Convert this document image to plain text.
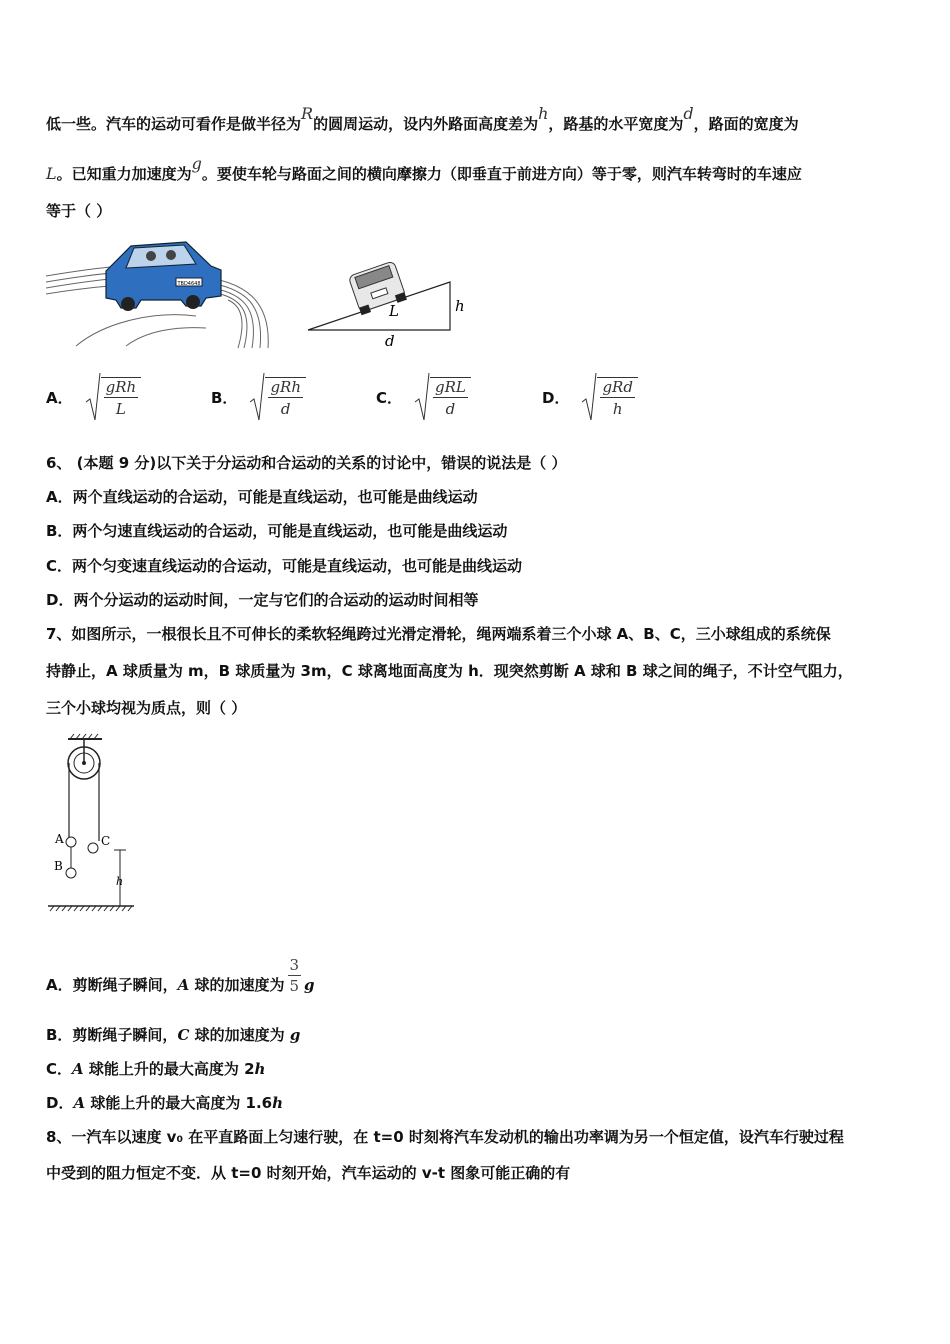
低一些。汽车的运动可看作是做半径为R的圆周运动，设内外路面高度差为h，路基的水平宽度为d，路面的宽度为
L。已知重力加速度为g。要使车轮与路面之间的横向摩擦力（即垂直于前进方向）等于零，则汽车转弯时的车速应
等于（ ）
TBD4648
L	h
d
A． $\frac{\text{gRh}}{L}$	B． $\frac{\text{gRh}}{d}$	C． $\frac{\text{gRL}}{d}$	D． $\frac{\text{gRd}}{h}$
6、 (本题 9 分)以下关于分运动和合运动的关系的讨论中，错误的说法是（ ）
A．两个直线运动的合运动，可能是直线运动，也可能是曲线运动
B．两个匀速直线运动的合运动，可能是直线运动，也可能是曲线运动
C．两个匀变速直线运动的合运动，可能是直线运动，也可能是曲线运动
D．两个分运动的运动时间，一定与它们的合运动的运动时间相等
7、如图所示，一根很长且不可伸长的柔软轻绳跨过光滑定滑轮，绳两端系着三个小球 A、B、C，三小球组成的系统保
持静止，A 球质量为 m，B 球质量为 3m，C 球离地面高度为 h．现突然剪断 A 球和 B 球之间的绳子，不计空气阻力，
三个小球均视为质点，则（ ）
A
B
C
h
A．剪断绳子瞬间，A 球的加速度为 $\frac{3}{5}$ g
B．剪断绳子瞬间，C 球的加速度为 g
C．A 球能上升的最大高度为 2h
D．A 球能上升的最大高度为 1.6h
8、一汽车以速度 v₀ 在平直路面上匀速行驶，在 t=0 时刻将汽车发动机的输出功率调为另一个恒定值，设汽车行驶过程
中受到的阻力恒定不变．从 t=0 时刻开始，汽车运动的 v-t 图象可能正确的有
